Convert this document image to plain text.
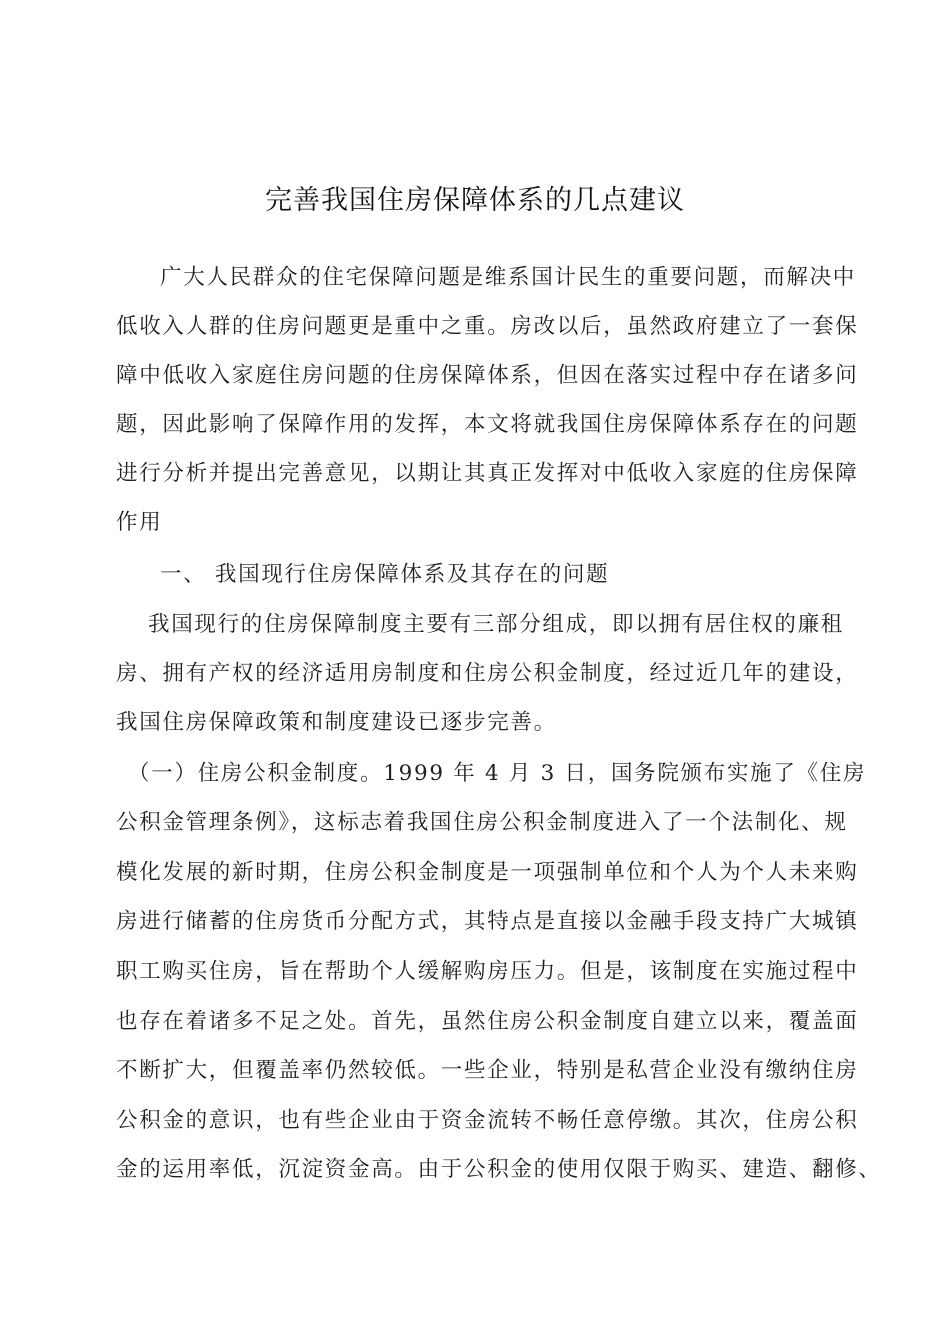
完善我国住房保障体系的几点建议
广大人民群众的住宅保障问题是维系国计民生的重要问题，而解决中
低收入人群的住房问题更是重中之重。房改以后，虽然政府建立了一套保
障中低收入家庭住房问题的住房保障体系，但因在落实过程中存在诸多问
题，因此影响了保障作用的发挥，本文将就我国住房保障体系存在的问题
进行分析并提出完善意见，以期让其真正发挥对中低收入家庭的住房保障
作用
一、 我国现行住房保障体系及其存在的问题
我国现行的住房保障制度主要有三部分组成，即以拥有居住权的廉租
房、拥有产权的经济适用房制度和住房公积金制度，经过近几年的建设，
我国住房保障政策和制度建设已逐步完善。
（一）住房公积金制度。1999 年 4 月 3 日，国务院颁布实施了《住房
公积金管理条例》，这标志着我国住房公积金制度进入了一个法制化、规
模化发展的新时期，住房公积金制度是一项强制单位和个人为个人未来购
房进行储蓄的住房货币分配方式，其特点是直接以金融手段支持广大城镇
职工购买住房，旨在帮助个人缓解购房压力。但是，该制度在实施过程中
也存在着诸多不足之处。首先，虽然住房公积金制度自建立以来，覆盖面
不断扩大，但覆盖率仍然较低。一些企业，特别是私营企业没有缴纳住房
公积金的意识，也有些企业由于资金流转不畅任意停缴。其次，住房公积
金的运用率低，沉淀资金高。由于公积金的使用仅限于购买、建造、翻修、
